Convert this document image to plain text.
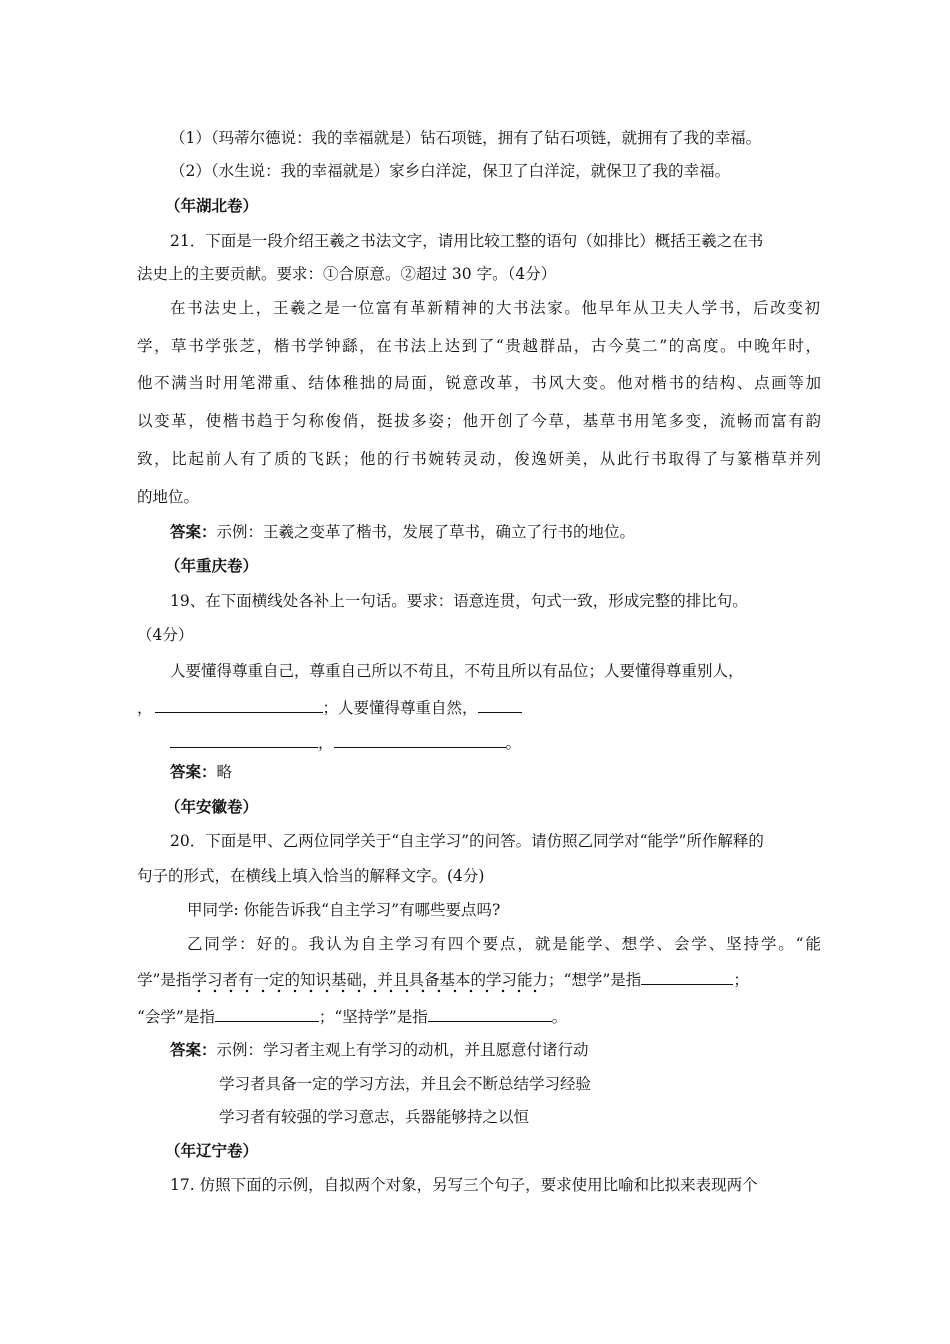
（1）（玛蒂尔德说：我的幸福就是）钻石项链，拥有了钻石项链，就拥有了我的幸福。
（2）（水生说：我的幸福就是）家乡白洋淀，保卫了白洋淀，就保卫了我的幸福。
（年湖北卷）
21．下面是一段介绍王羲之书法文字，请用比较工整的语句（如排比）概括王羲之在书
法史上的主要贡献。要求：①合原意。②超过 30 字。（4分）
在书法史上，王羲之是一位富有革新精神的大书法家。他早年从卫夫人学书，后改变初
学，草书学张芝，楷书学钟繇，在书法上达到了“贵越群品，古今莫二”的高度。中晚年时，
他不满当时用笔滞重、结体稚拙的局面，锐意改革，书风大变。他对楷书的结构、点画等加
以变革，使楷书趋于匀称俊俏，挺拔多姿；他开创了今草，基草书用笔多变，流畅而富有韵
致，比起前人有了质的飞跃；他的行书婉转灵动，俊逸妍美，从此行书取得了与篆楷草并列
的地位。
答案：示例：王羲之变革了楷书，发展了草书，确立了行书的地位。
（年重庆卷）
19、在下面横线处各补上一句话。要求：语意连贯，句式一致，形成完整的排比句。
（4分）
人要懂得尊重自己，尊重自己所以不苟且，不苟且所以有品位；人要懂得尊重别人，
，	；人要懂得尊重自然，
，	。
答案：略
（年安徽卷）
20．下面是甲、乙两位同学关于“自主学习”的问答。请仿照乙同学对“能学”所作解释的
句子的形式，在横线上填入恰当的解释文字。(4分)
甲同学: 你能告诉我“自主学习”有哪些要点吗?
乙同学：好的。我认为自主学习有四个要点，就是能学、想学、会学、坚持学。“能
学”是指学习者有一定的知识基础，并且具备基本的学习能力；“想学”是指	；
“会学”是指	；“坚持学”是指	。
答案：示例：学习者主观上有学习的动机，并且愿意付诸行动
学习者具备一定的学习方法，并且会不断总结学习经验
学习者有较强的学习意志，兵器能够持之以恒
（年辽宁卷）
17. 仿照下面的示例，自拟两个对象，另写三个句子，要求使用比喻和比拟来表现两个
